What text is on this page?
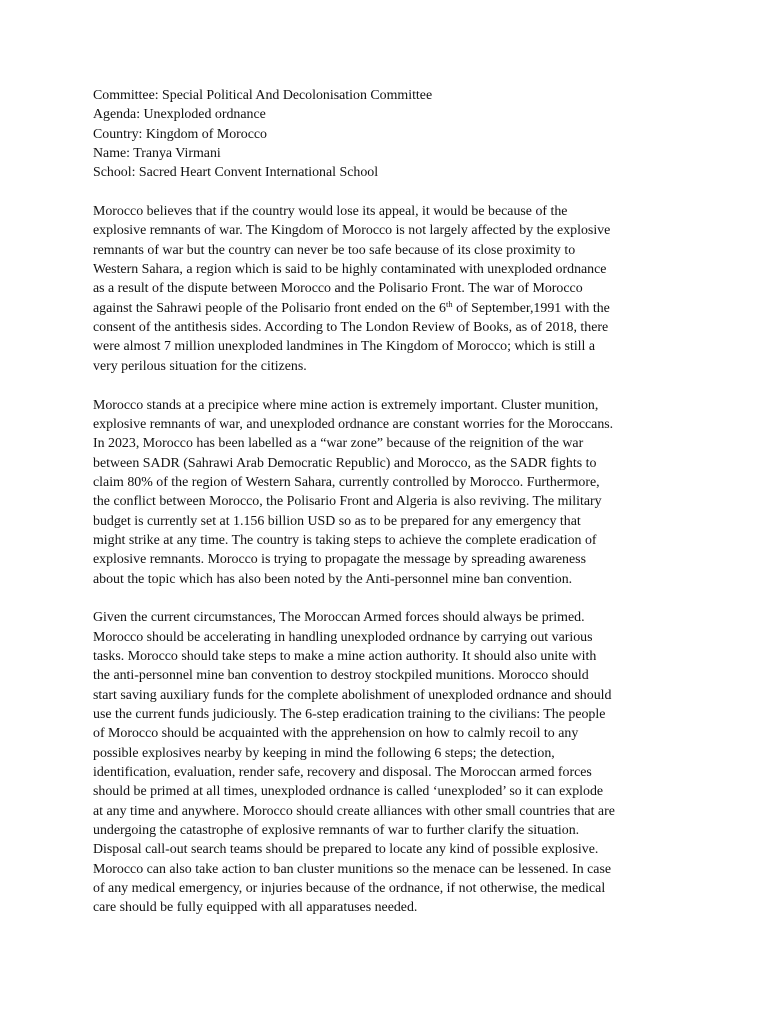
Committee: Special Political And Decolonisation Committee
Agenda: Unexploded ordnance
Country: Kingdom of Morocco
Name: Tranya Virmani
School: Sacred Heart Convent International School
Morocco believes that if the country would lose its appeal, it would be because of the
explosive remnants of war. The Kingdom of Morocco is not largely affected by the explosive
remnants of war but the country can never be too safe because of its close proximity to
Western Sahara, a region which is said to be highly contaminated with unexploded ordnance
as a result of the dispute between Morocco and the Polisario Front. The war of Morocco
against the Sahrawi people of the Polisario front ended on the 6th of September,1991 with the
consent of the antithesis sides. According to The London Review of Books, as of 2018, there
were almost 7 million unexploded landmines in The Kingdom of Morocco; which is still a
very perilous situation for the citizens.
Morocco stands at a precipice where mine action is extremely important. Cluster munition,
explosive remnants of war, and unexploded ordnance are constant worries for the Moroccans.
In 2023, Morocco has been labelled as a “war zone” because of the reignition of the war
between SADR (Sahrawi Arab Democratic Republic) and Morocco, as the SADR fights to
claim 80% of the region of Western Sahara, currently controlled by Morocco. Furthermore,
the conflict between Morocco, the Polisario Front and Algeria is also reviving. The military
budget is currently set at 1.156 billion USD so as to be prepared for any emergency that
might strike at any time. The country is taking steps to achieve the complete eradication of
explosive remnants. Morocco is trying to propagate the message by spreading awareness
about the topic which has also been noted by the Anti-personnel mine ban convention.
Given the current circumstances, The Moroccan Armed forces should always be primed.
Morocco should be accelerating in handling unexploded ordnance by carrying out various
tasks. Morocco should take steps to make a mine action authority. It should also unite with
the anti-personnel mine ban convention to destroy stockpiled munitions. Morocco should
start saving auxiliary funds for the complete abolishment of unexploded ordnance and should
use the current funds judiciously. The 6-step eradication training to the civilians: The people
of Morocco should be acquainted with the apprehension on how to calmly recoil to any
possible explosives nearby by keeping in mind the following 6 steps; the detection,
identification, evaluation, render safe, recovery and disposal. The Moroccan armed forces
should be primed at all times, unexploded ordnance is called ‘unexploded’ so it can explode
at any time and anywhere. Morocco should create alliances with other small countries that are
undergoing the catastrophe of explosive remnants of war to further clarify the situation.
Disposal call-out search teams should be prepared to locate any kind of possible explosive.
Morocco can also take action to ban cluster munitions so the menace can be lessened. In case
of any medical emergency, or injuries because of the ordnance, if not otherwise, the medical
care should be fully equipped with all apparatuses needed.
